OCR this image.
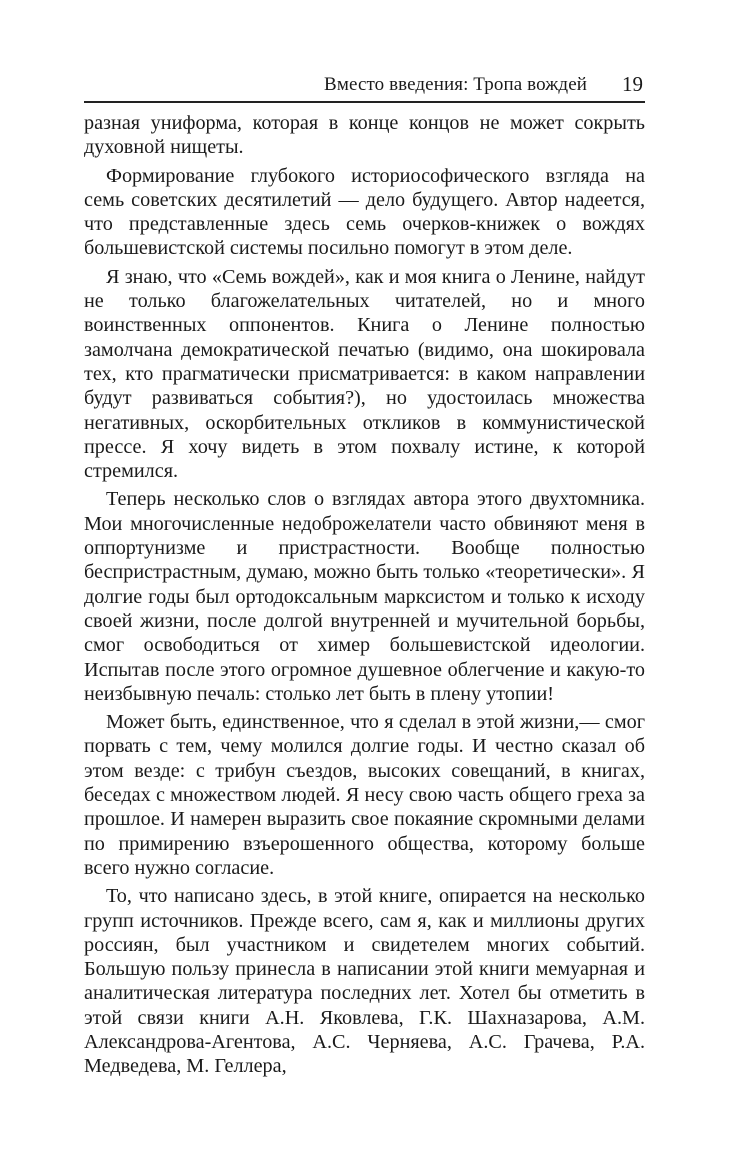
Вместо введения: Тропа вождей 19

разная униформа, которая в конце концов не может сокрыть духовной нищеты.

Формирование глубокого историософического взгляда на семь советских десятилетий — дело будущего. Автор надеется, что представленные здесь семь очерков-книжек о вождях большевистской системы посильно помогут в этом деле.

Я знаю, что «Семь вождей», как и моя книга о Ленине, найдут не только благожелательных читателей, но и много воинственных оппонентов. Книга о Ленине полностью замолчана демократической печатью (видимо, она шокировала тех, кто прагматически присматривается: в каком направлении будут развиваться события?), но удостоилась множества негативных, оскорбительных откликов в коммунистической прессе. Я хочу видеть в этом похвалу истине, к которой стремился.

Теперь несколько слов о взглядах автора этого двухтомника. Мои многочисленные недоброжелатели часто обвиняют меня в оппортунизме и пристрастности. Вообще полностью беспристрастным, думаю, можно быть только «теоретически». Я долгие годы был ортодоксальным марксистом и только к исходу своей жизни, после долгой внутренней и мучительной борьбы, смог освободиться от химер большевистской идеологии. Испытав после этого огромное душевное облегчение и какую-то неизбывную печаль: столько лет быть в плену утопии!

Может быть, единственное, что я сделал в этой жизни,— смог порвать с тем, чему молился долгие годы. И честно сказал об этом везде: с трибун съездов, высоких совещаний, в книгах, беседах с множеством людей. Я несу свою часть общего греха за прошлое. И намерен выразить свое покаяние скромными делами по примирению взъерошенного общества, которому больше всего нужно согласие.

То, что написано здесь, в этой книге, опирается на несколько групп источников. Прежде всего, сам я, как и миллионы других россиян, был участником и свидетелем многих событий. Большую пользу принесла в написании этой книги мемуарная и аналитическая литература последних лет. Хотел бы отметить в этой связи книги А.Н. Яковлева, Г.К. Шахназарова, А.М. Александрова-Агентова, А.С. Черняева, А.С. Грачева, Р.А. Медведева, М. Геллера,
